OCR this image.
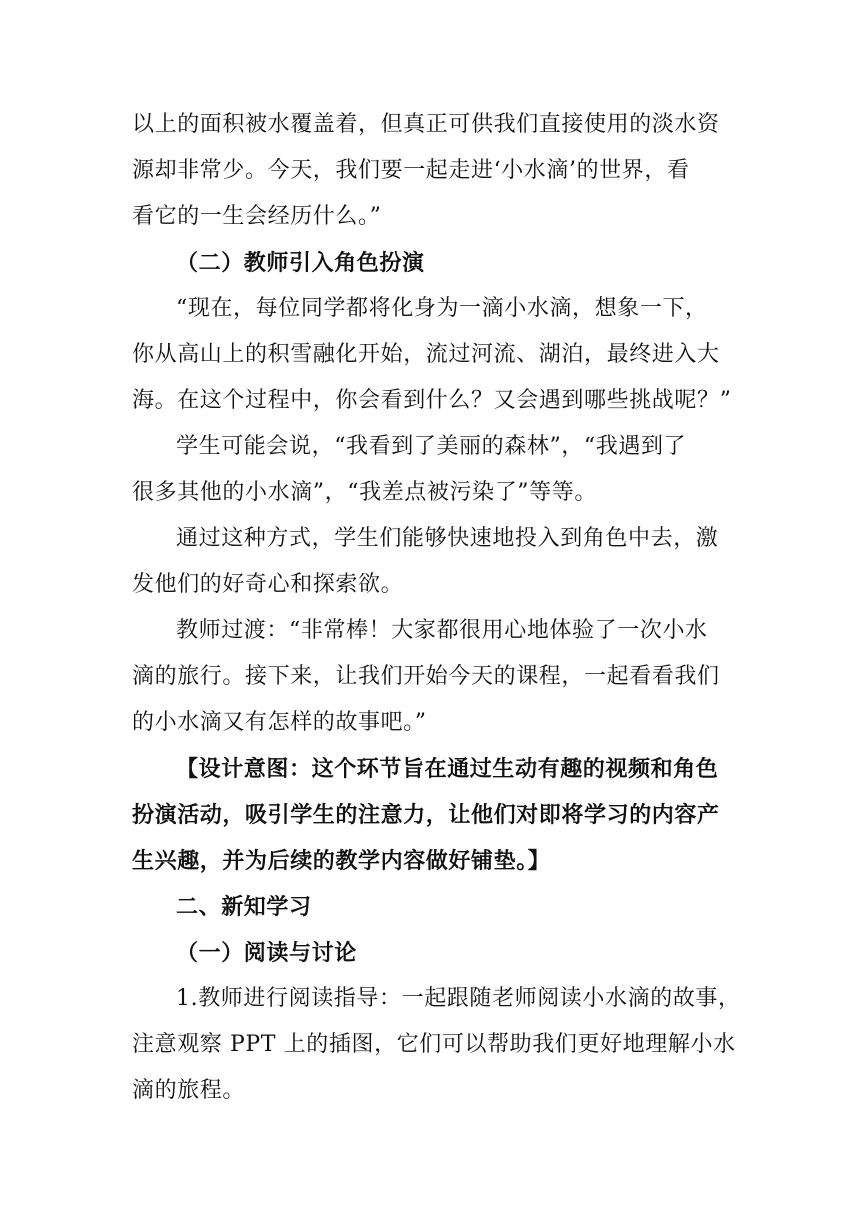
以上的面积被水覆盖着，但真正可供我们直接使用的淡水资
源却非常少。今天，我们要一起走进‘小水滴’的世界，看
看它的一生会经历什么。”
（二）教师引入角色扮演
“现在，每位同学都将化身为一滴小水滴，想象一下，
你从高山上的积雪融化开始，流过河流、湖泊，最终进入大
海。在这个过程中，你会看到什么？又会遇到哪些挑战呢？”
学生可能会说，“我看到了美丽的森林”，“我遇到了
很多其他的小水滴”，“我差点被污染了”等等。
通过这种方式，学生们能够快速地投入到角色中去，激
发他们的好奇心和探索欲。
教师过渡：“非常棒！大家都很用心地体验了一次小水
滴的旅行。接下来，让我们开始今天的课程，一起看看我们
的小水滴又有怎样的故事吧。”
【设计意图：这个环节旨在通过生动有趣的视频和角色
扮演活动，吸引学生的注意力，让他们对即将学习的内容产
生兴趣，并为后续的教学内容做好铺垫。】
二、新知学习
（一）阅读与讨论
1.教师进行阅读指导：一起跟随老师阅读小水滴的故事，
注意观察 PPT 上的插图，它们可以帮助我们更好地理解小水
滴的旅程。
